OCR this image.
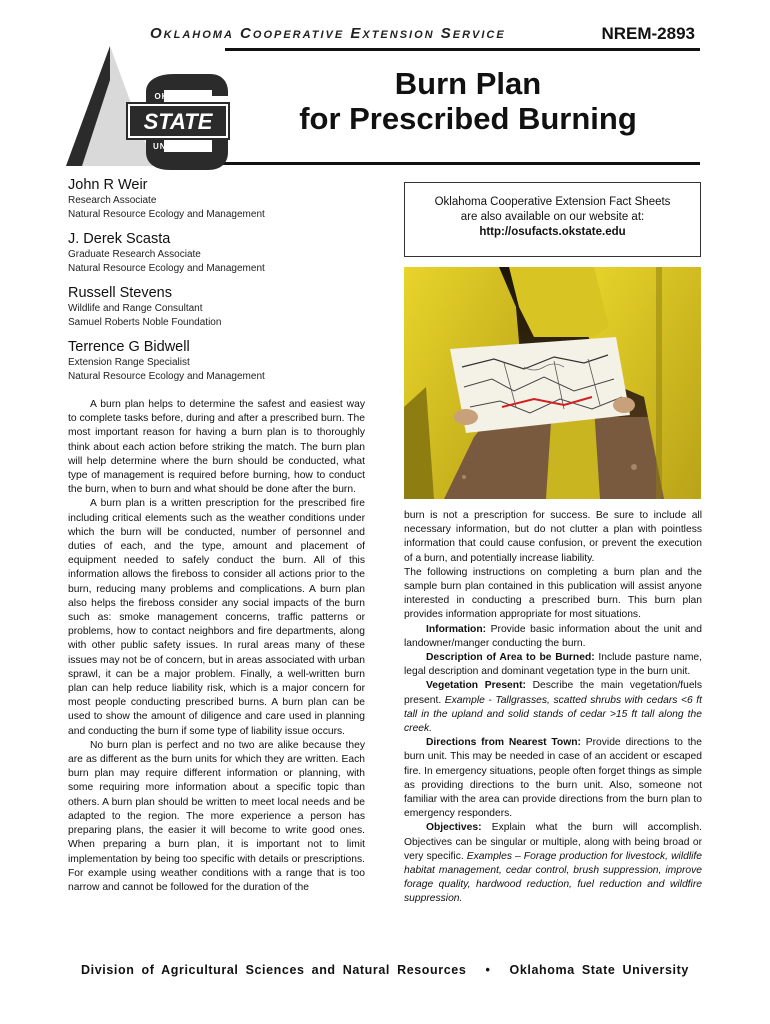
Oklahoma Cooperative Extension Service	NREM-2893
OKLAHOMA
STATE
UNIVERSITY
Burn Plan
for Prescribed Burning
John R Weir
Research Associate
Natural Resource Ecology and Management
J. Derek Scasta
Graduate Research Associate
Natural Resource Ecology and Management
Russell Stevens
Wildlife and Range Consultant
Samuel Roberts Noble Foundation
Terrence G Bidwell
Extension Range Specialist
Natural Resource Ecology and Management
Oklahoma Cooperative Extension Fact Sheets
are also available on our website at:
http://osufacts.okstate.edu

A burn plan helps to determine the safest and easiest way to complete tasks before, during and after a prescribed burn. The most important reason for having a burn plan is to thoroughly think about each action before striking the match. The burn plan will help determine where the burn should be conducted, what type of management is required before burning, how to conduct the burn, when to burn and what should be done after the burn.

A burn plan is a written prescription for the prescribed fire including critical elements such as the weather conditions under which the burn will be conducted, number of personnel and duties of each, and the type, amount and placement of equipment needed to safely conduct the burn. All of this information allows the fireboss to consider all actions prior to the burn, reducing many problems and complications. A burn plan also helps the fireboss consider any social impacts of the burn such as: smoke management concerns, traffic patterns or problems, how to contact neighbors and fire departments, along with other public safety issues. In rural areas many of these issues may not be of concern, but in areas associated with urban sprawl, it can be a major problem. Finally, a well-written burn plan can help reduce liability risk, which is a major concern for most people conducting prescribed burns. A burn plan can be used to show the amount of diligence and care used in planning and conducting the burn if some type of liability issue occurs.

No burn plan is perfect and no two are alike because they are as different as the burn units for which they are written. Each burn plan may require different information or planning, with some requiring more information about a specific topic than others. A burn plan should be written to meet local needs and be adapted to the region. The more experience a person has preparing plans, the easier it will become to write good ones. When preparing a burn plan, it is important not to limit implementation by being too specific with details or prescriptions. For example using weather conditions with a range that is too narrow and cannot be followed for the duration of the

burn is not a prescription for success. Be sure to include all necessary information, but do not clutter a plan with pointless information that could cause confusion, or prevent the execution of a burn, and potentially increase liability.

The following instructions on completing a burn plan and the sample burn plan contained in this publication will assist anyone interested in conducting a prescribed burn. This burn plan provides information appropriate for most situations.

Information: Provide basic information about the unit and landowner/manger conducting the burn.

Description of Area to be Burned: Include pasture name, legal description and dominant vegetation type in the burn unit.

Vegetation Present: Describe the main vegetation/fuels present. Example - Tallgrasses, scatted shrubs with cedars <6 ft tall in the upland and solid stands of cedar >15 ft tall along the creek.

Directions from Nearest Town: Provide directions to the burn unit. This may be needed in case of an accident or escaped fire. In emergency situations, people often forget things as simple as providing directions to the burn unit. Also, someone not familiar with the area can provide directions from the burn plan to emergency responders.

Objectives: Explain what the burn will accomplish. Objectives can be singular or multiple, along with being broad or very specific. Examples – Forage production for livestock, wildlife habitat management, cedar control, brush suppression, improve forage quality, hardwood reduction, fuel reduction and wildfire suppression.

Division of Agricultural Sciences and Natural Resources • Oklahoma State University
